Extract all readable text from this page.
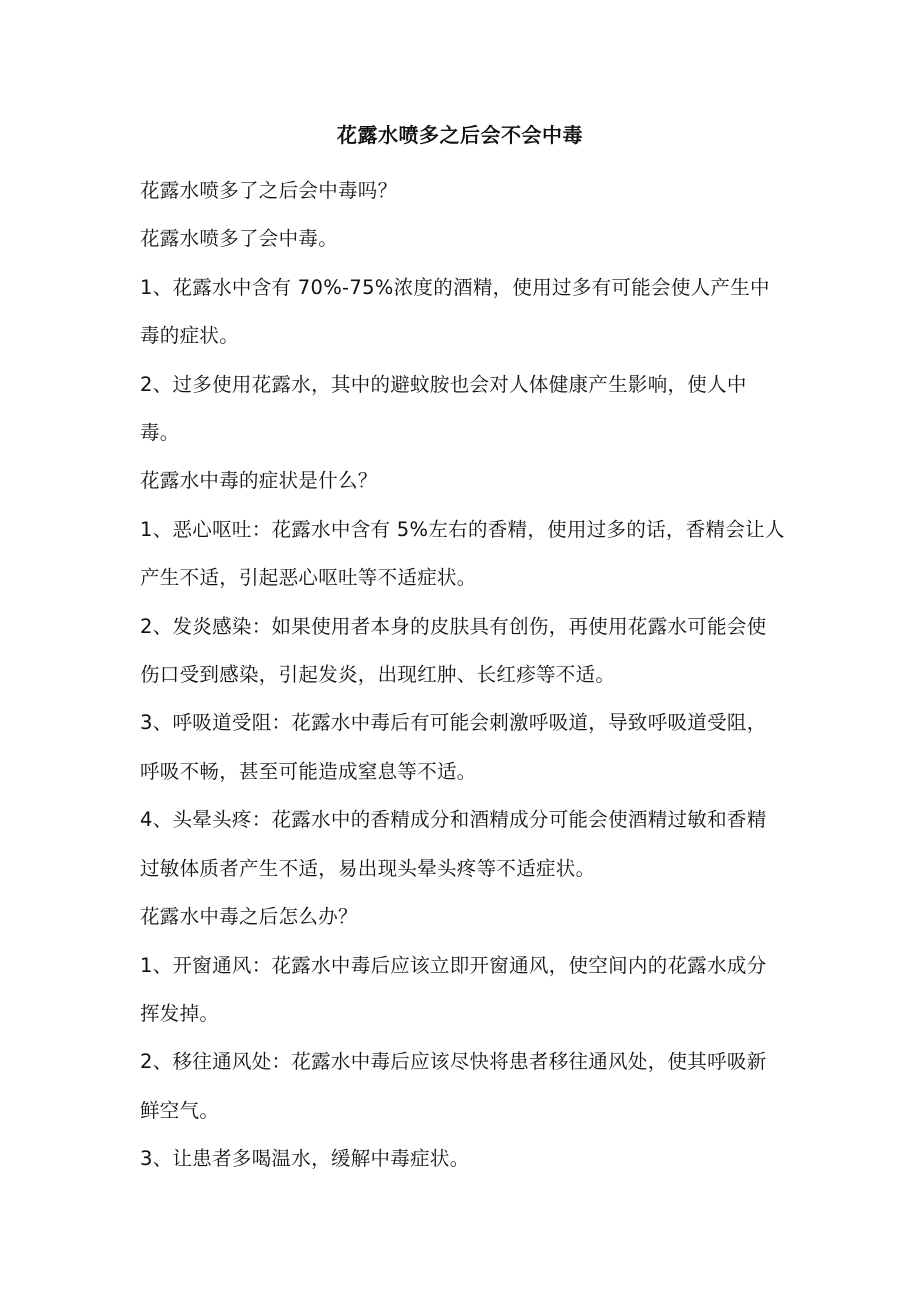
花露水喷多之后会不会中毒

花露水喷多了之后会中毒吗？

花露水喷多了会中毒。

1、花露水中含有 70%-75%浓度的酒精，使用过多有可能会使人产生中毒的症状。

2、过多使用花露水，其中的避蚊胺也会对人体健康产生影响，使人中毒。

花露水中毒的症状是什么？

1、恶心呕吐：花露水中含有 5%左右的香精，使用过多的话，香精会让人产生不适，引起恶心呕吐等不适症状。

2、发炎感染：如果使用者本身的皮肤具有创伤，再使用花露水可能会使伤口受到感染，引起发炎，出现红肿、长红疹等不适。

3、呼吸道受阻：花露水中毒后有可能会刺激呼吸道，导致呼吸道受阻，呼吸不畅，甚至可能造成窒息等不适。

4、头晕头疼：花露水中的香精成分和酒精成分可能会使酒精过敏和香精过敏体质者产生不适，易出现头晕头疼等不适症状。

花露水中毒之后怎么办？

1、开窗通风：花露水中毒后应该立即开窗通风，使空间内的花露水成分挥发掉。

2、移往通风处：花露水中毒后应该尽快将患者移往通风处，使其呼吸新鲜空气。

3、让患者多喝温水，缓解中毒症状。
